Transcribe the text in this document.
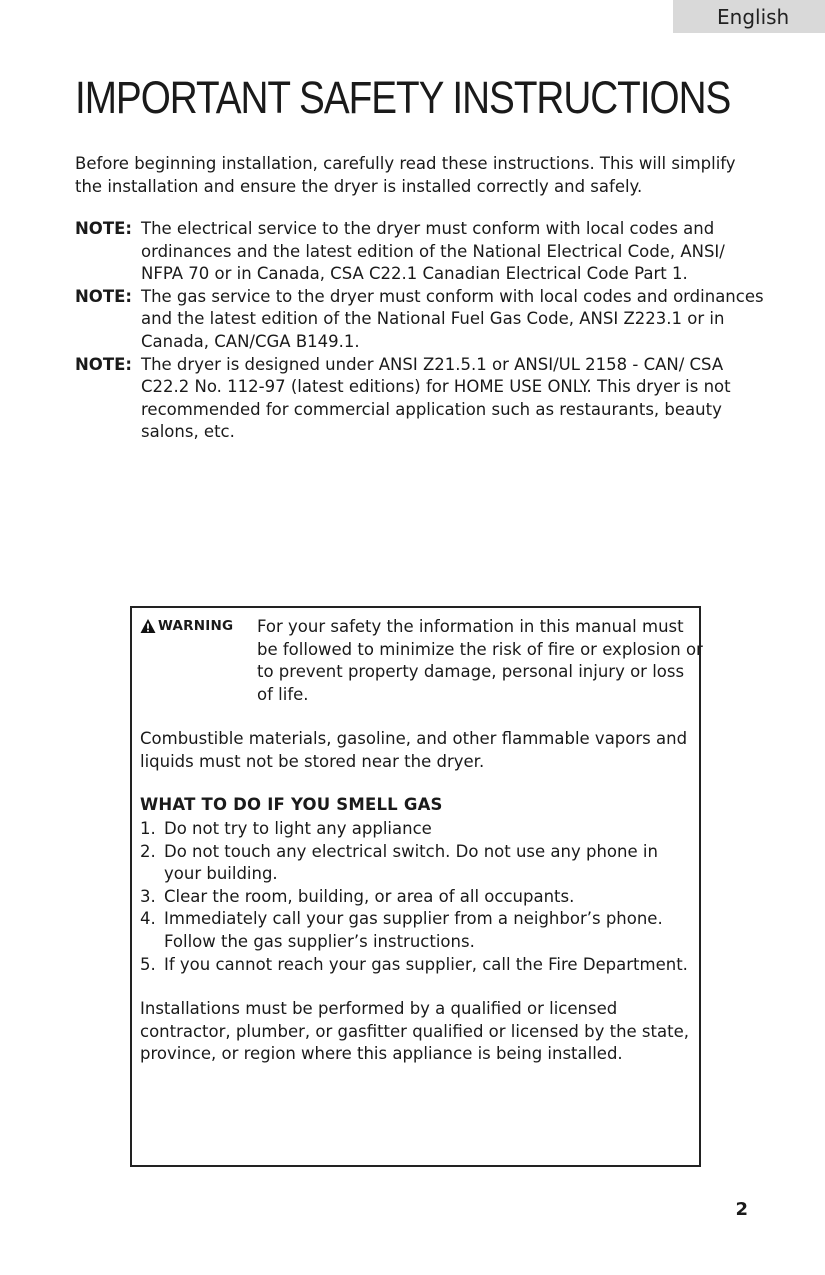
English
IMPORTANT SAFETY INSTRUCTIONS

Before beginning installation, carefully read these instructions. This will simplify the installation and ensure the dryer is installed correctly and safely.

NOTE: The electrical service to the dryer must conform with local codes and ordinances and the latest edition of the National Electrical Code, ANSI/ NFPA 70 or in Canada, CSA C22.1 Canadian Electrical Code Part 1.
NOTE: The gas service to the dryer must conform with local codes and ordinances and the latest edition of the National Fuel Gas Code, ANSI Z223.1 or in Canada, CAN/CGA B149.1.
NOTE: The dryer is designed under ANSI Z21.5.1 or ANSI/UL 2158 - CAN/ CSA C22.2 No. 112-97 (latest editions) for HOME USE ONLY. This dryer is not recommended for commercial application such as restaurants, beauty salons, etc.
WARNING For your safety the information in this manual must be followed to minimize the risk of fire or explosion or to prevent property damage, personal injury or loss of life.

Combustible materials, gasoline, and other flammable vapors and liquids must not be stored near the dryer.

WHAT TO DO IF YOU SMELL GAS

1. Do not try to light any appliance
2. Do not touch any electrical switch. Do not use any phone in your building.
3. Clear the room, building, or area of all occupants.
4. Immediately call your gas supplier from a neighbor’s phone. Follow the gas supplier’s instructions.
5. If you cannot reach your gas supplier, call the Fire Department.

Installations must be performed by a qualified or licensed contractor, plumber, or gasfitter qualified or licensed by the state, province, or region where this appliance is being installed.

2
